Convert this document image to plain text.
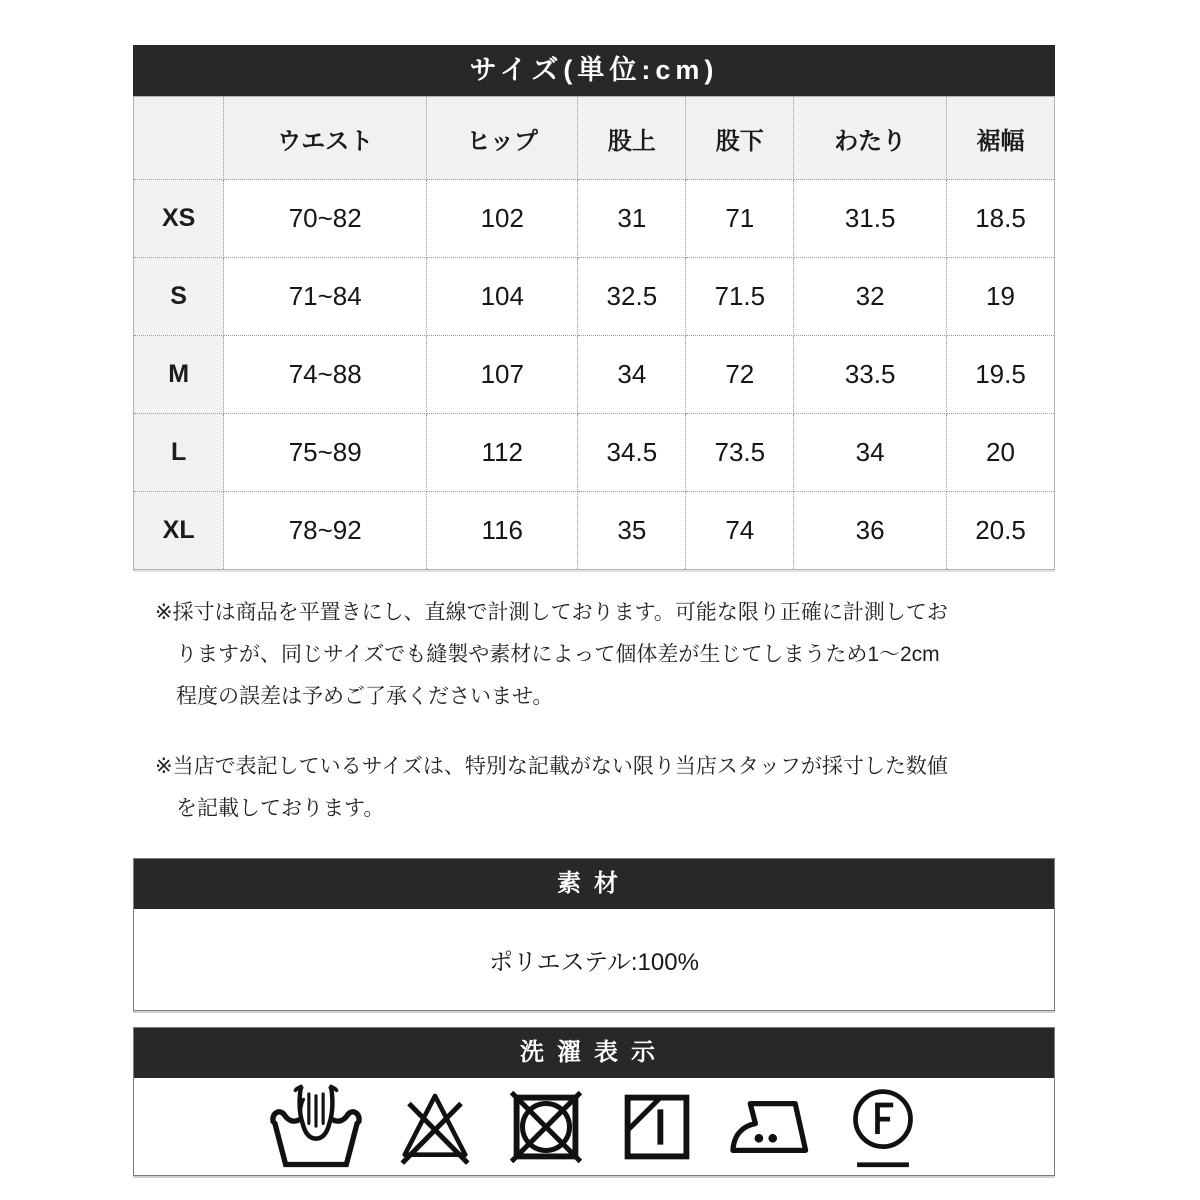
サイズ(単位:cm)
	ウエスト	ヒップ	股上	股下	わたり	裾幅
XS	70~82	102	31	71	31.5	18.5
S	71~84	104	32.5	71.5	32	19
M	74~88	107	34	72	33.5	19.5
L	75~89	112	34.5	73.5	34	20
XL	78~92	116	35	74	36	20.5

※採寸は商品を平置きにし、直線で計測しております。可能な限り正確に計測しておりますが、同じサイズでも縫製や素材によって個体差が生じてしまうため1〜2cm程度の誤差は予めご了承くださいませ。

※当店で表記しているサイズは、特別な記載がない限り当店スタッフが採寸した数値を記載しております。

素材
ポリエステル:100%
洗濯表示
